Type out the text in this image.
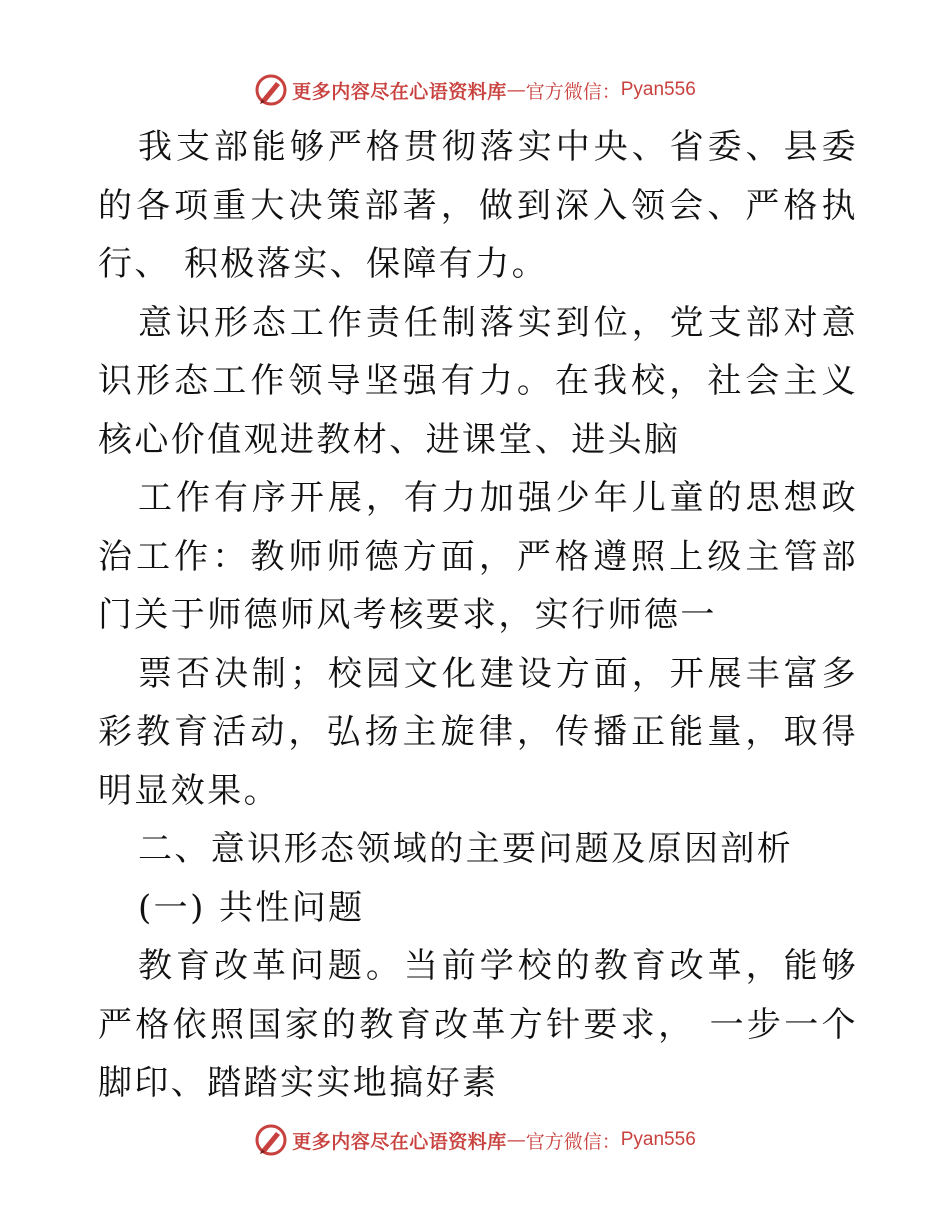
更多内容尽在心语资料库 — 官方微信： Pyan556

我支部能够严格贯彻落实中央、省委、县委的各项重大决策部著，做到深入领会、严格执行、 积极落实、保障有力。

意识形态工作责任制落实到位，党支部对意识形态工作领导坚强有力。在我校，社会主义核心价值观进教材、进课堂、进头脑

工作有序开展，有力加强少年儿童的思想政治工作：教师师德方面，严格遵照上级主管部门关于师德师风考核要求，实行师德一

票否决制；校园文化建设方面，开展丰富多彩教育活动，弘扬主旋律，传播正能量，取得明显效果。

二、意识形态领域的主要问题及原因剖析

(一) 共性问题

教育改革问题。当前学校的教育改革，能够严格依照国家的教育改革方针要求， 一步一个脚印、踏踏实实地搞好素

更多内容尽在心语资料库 — 官方微信： Pyan556
